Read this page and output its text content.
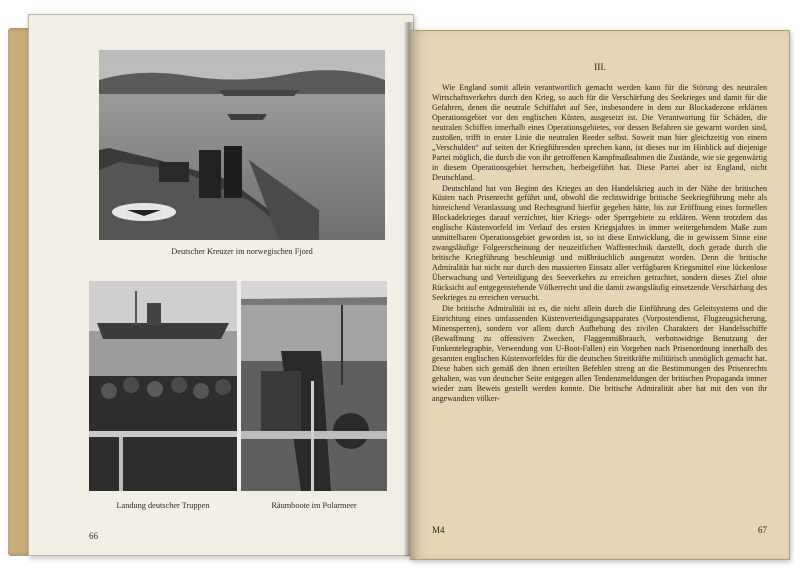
Deutscher Kreuzer im norwegischen Fjord
Landung deutscher Truppen	Räumboote im Polarmeer
66
III.

Wie England somit allein verantwortlich gemacht werden kann für die Störung des neutralen Wirtschaftsverkehrs durch den Krieg, so auch für die Verschärfung des Seekrieges und damit für die Gefahren, denen die neutrale Schiffahrt auf See, insbesondere in dem zur Blockadezone erklärten Operationsgebiet vor den englischen Küsten, ausgesetzt ist. Die Verantwortung für Schäden, die neutralen Schiffen innerhalb eines Operationsgebietes, vor dessen Befahren sie gewarnt worden sind, zustoßen, trifft in erster Linie die neutralen Reeder selbst. Soweit man hier gleichzeitig von einem „Verschulden“ auf seiten der Kriegführenden sprechen kann, ist dieses nur im Hinblick auf diejenige Partei möglich, die durch die von ihr getroffenen Kampfmaßnahmen die Zustände, wie sie gegenwärtig in diesem Operationsgebiet herrschen, herbeigeführt hat. Diese Partei aber ist England, nicht Deutschland.

Deutschland hat von Beginn des Krieges an den Handelskrieg auch in der Nähe der britischen Küsten nach Prisenrecht geführt und, obwohl die rechtswidrige britische Seekriegführung mehr als hinreichend Veranlassung und Rechtsgrund hierfür gegeben hätte, bis zur Eröffnung eines formellen Blockadekrieges darauf verzichtet, hier Kriegs- oder Sperrgebiete zu erklären. Wenn trotzdem das englische Küstenvorfeld im Verlauf des ersten Kriegsjahres in immer weitergehendem Maße zum unmittelbaren Operationsgebiet geworden ist, so ist diese Entwicklung, die in gewissem Sinne eine zwangsläufige Folgeerscheinung der neuzeitlichen Waffentechnik darstellt, doch gerade durch die britische Kriegführung beschleunigt und mißbräuchlich ausgenutzt worden. Denn die britische Admiralität hat nicht nur durch den massierten Einsatz aller verfügbaren Kriegsmittel eine lückenlose Überwachung und Verteidigung des Seeverkehrs zu erreichen getrachtet, sondern dieses Ziel ohne Rücksicht auf entgegenstehende Völkerrecht und die damit zwangsläufig einsetzende Verschärfung des Seekrieges zu erreichen versucht.

Die britische Admiralität ist es, die nicht allein durch die Einführung des Geleitsystems und die Einrichtung eines umfassenden Küstenverteidigungsapparates (Vorpostendienst, Flugzeugsicherung, Minensperren), sondern vor allem durch Aufhebung des zivilen Charakters der Handelsschiffe (Bewaffnung zu offensiven Zwecken, Flaggenmißbrauch, verbotswidrige Benutzung der Funkentelegraphie, Verwendung von U-Boot-Fallen) ein Vorgehen nach Prisenordnung innerhalb des gesamten englischen Küstenvorfeldes für die deutschen Streitkräfte militärisch unmöglich gemacht hat. Diese haben sich gemäß den ihnen erteilten Befehlen streng an die Bestimmungen des Prisenrechts gehalten, was von deutscher Seite entgegen allen Tendenzmeldungen der britischen Propaganda immer wieder zum Beweis gestellt werden konnte. Die britische Admiralität aber hat mit den von ihr angewandten völker-

M4	67
